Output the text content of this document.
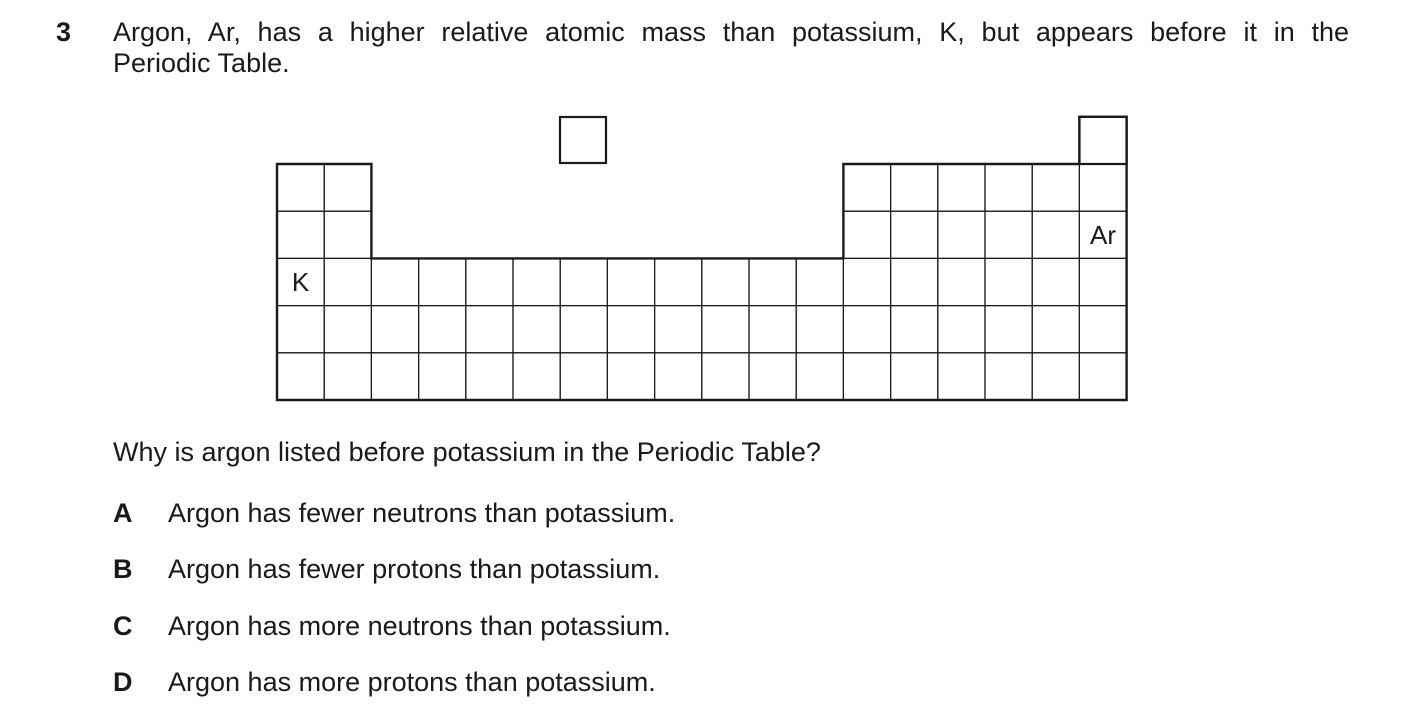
3 Argon, Ar, has a higher relative atomic mass than potassium, K, but appears before it in the
Periodic Table.
K
Ar
Why is argon listed before potassium in the Periodic Table?
A Argon has fewer neutrons than potassium.
B Argon has fewer protons than potassium.
C Argon has more neutrons than potassium.
D Argon has more protons than potassium.
